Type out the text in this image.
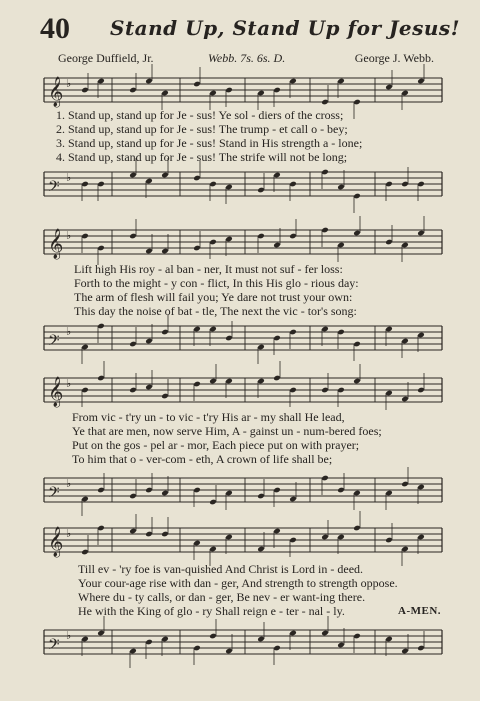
40 Stand Up, Stand Up for Jesus!
George Duffield, Jr.	Webb. 7s. 6s. D.	George J. Webb.
𝄞 ♭
1. Stand up, stand up for Je - sus! Ye sol - diers of the cross;
2. Stand up, stand up for Je - sus! The trump - et call o - bey;
3. Stand up, stand up for Je - sus! Stand in His strength a - lone;
4. Stand up, stand up for Je - sus! The strife will not be long;
𝄢
♭
𝄞 ♭
Lift high His roy - al ban - ner, It must not suf - fer loss:
Forth to the might - y con - flict, In this His glo - rious day:
The arm of flesh will fail you; Ye dare not trust your own:
This day the noise of bat - tle, The next the vic - tor's song:
𝄢
♭
𝄞 ♭
From vic - t'ry un - to vic - t'ry His ar - my shall He lead,
Ye that are men, now serve Him, A - gainst un - num-bered foes;
Put on the gos - pel ar - mor, Each piece put on with prayer;
To him that o - ver-com - eth, A crown of life shall be;
𝄢
♭
𝄞 ♭
Till ev - 'ry foe is van-quished And Christ is Lord in - deed.
Your cour-age rise with dan - ger, And strength to strength oppose.
Where du - ty calls, or dan - ger, Be nev - er want-ing there.
He with the King of glo - ry Shall reign e - ter - nal - ly.	A-MEN.
𝄢
♭
